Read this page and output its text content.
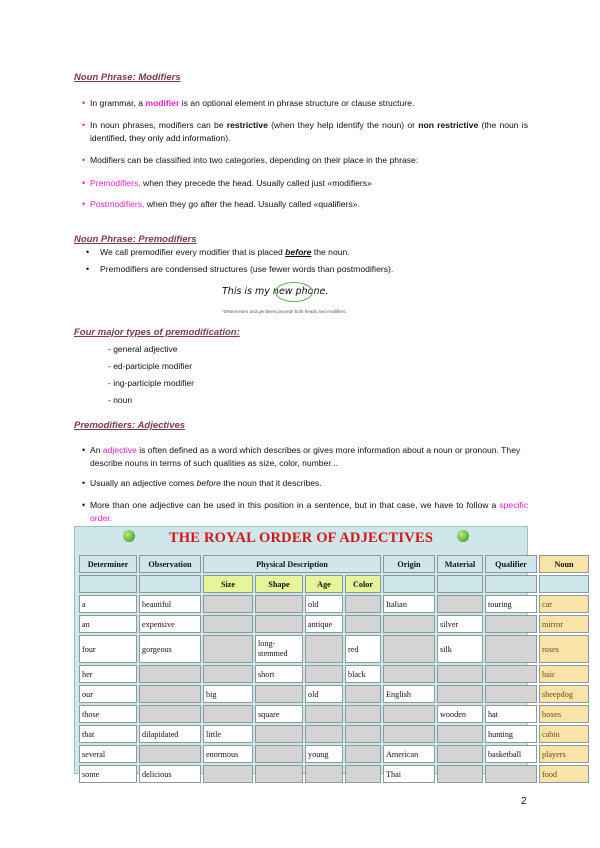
Noun Phrase: Modifiers
• In grammar, a modifier is an optional element in phrase structure or clause structure.
• In noun phrases, modifiers can be restrictive (when they help identify the noun) or non restrictive (the noun is identified, they only add information).
• Modifiers can be classified into two categories, depending on their place in the phrase:
• Premodifiers, when they precede the head. Usually called just «modifiers»
• Postmodifiers, when they go after the head. Usually called «qualifiers».
Noun Phrase: Premodifiers
• We call premodifier every modifier that is placed before the noun.
• Premodifiers are condensed structures (use fewer words than postmodifiers).
This is my new phone.
*Determiners and genitives precede both heads and modifiers.
Four major types of premodification:
- general adjective
- ed-participle modifier
- ing-participle modifier
- noun
Premodifiers: Adjectives
• An adjective is often defined as a word which describes or gives more information about a noun or pronoun. They describe nouns in terms of such qualities as size, color, number...
• Usually an adjective comes before the noun that it describes.
• More than one adjective can be used in this position in a sentence, but in that case, we have to follow a specific order.
THE ROYAL ORDER OF ADJECTIVES
Determiner	Observation	Physical Description				Origin	Material	Qualifier	Noun
		Size	Shape	Age	Color				
a	beautiful			old		Italian		touring	car
an	expensive			antique			silver		mirror
four	gorgeous		long-stemmed		red		silk		roses
her			short		black				hair
our		big		old		English			sheepdog
those			square				wooden	hat	boxes
that	dilapidated	little						hunting	cabin
several		enormous		young		American		basketball	players
some	delicious					Thai			food
2
